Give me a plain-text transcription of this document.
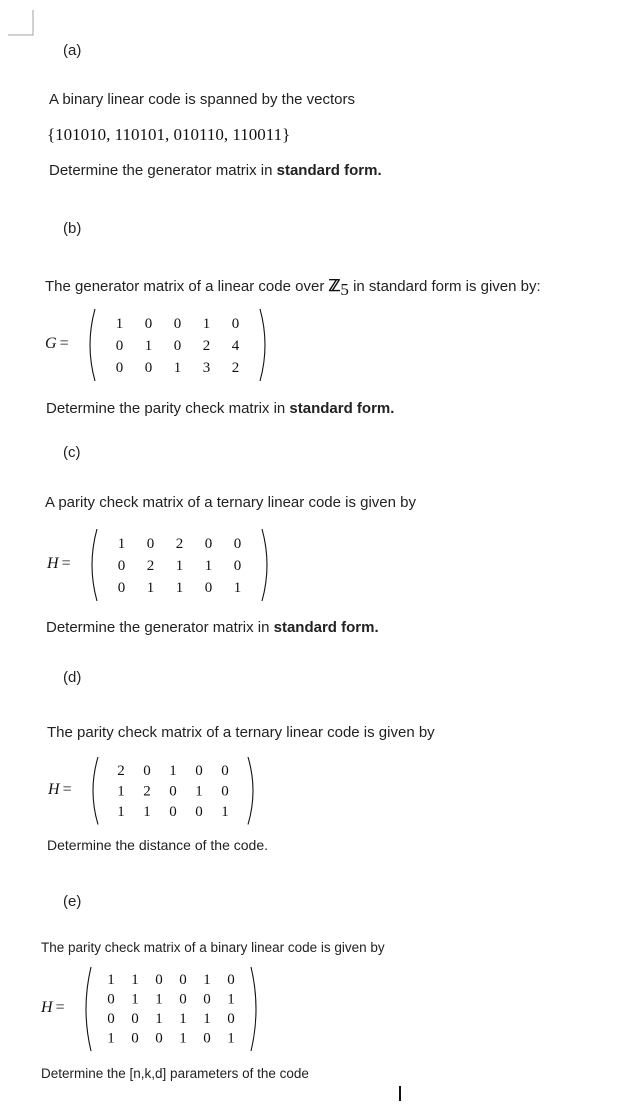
(a)
A binary linear code is spanned by the vectors
{101010, 110101, 010110, 110011}
Determine the generator matrix in standard form.
(b)
The generator matrix of a linear code over ℤ$_5$ in standard form is given by:
G =
1 0 0 1 0
0 1 0 2 4
0 0 1 3 2
Determine the parity check matrix in standard form.
(c)
A parity check matrix of a ternary linear code is given by
H =
1 0 2 0 0
0 2 1 1 0
0 1 1 0 1
Determine the generator matrix in standard form.
(d)
The parity check matrix of a ternary linear code is given by
H =
2 0 1 0 0
1 2 0 1 0
1 1 0 0 1
Determine the distance of the code.
(e)
The parity check matrix of a binary linear code is given by
H =
1 1 0 0 1 0
0 1 1 0 0 1
0 0 1 1 1 0
1 0 0 1 0 1
Determine the [n,k,d] parameters of the code
